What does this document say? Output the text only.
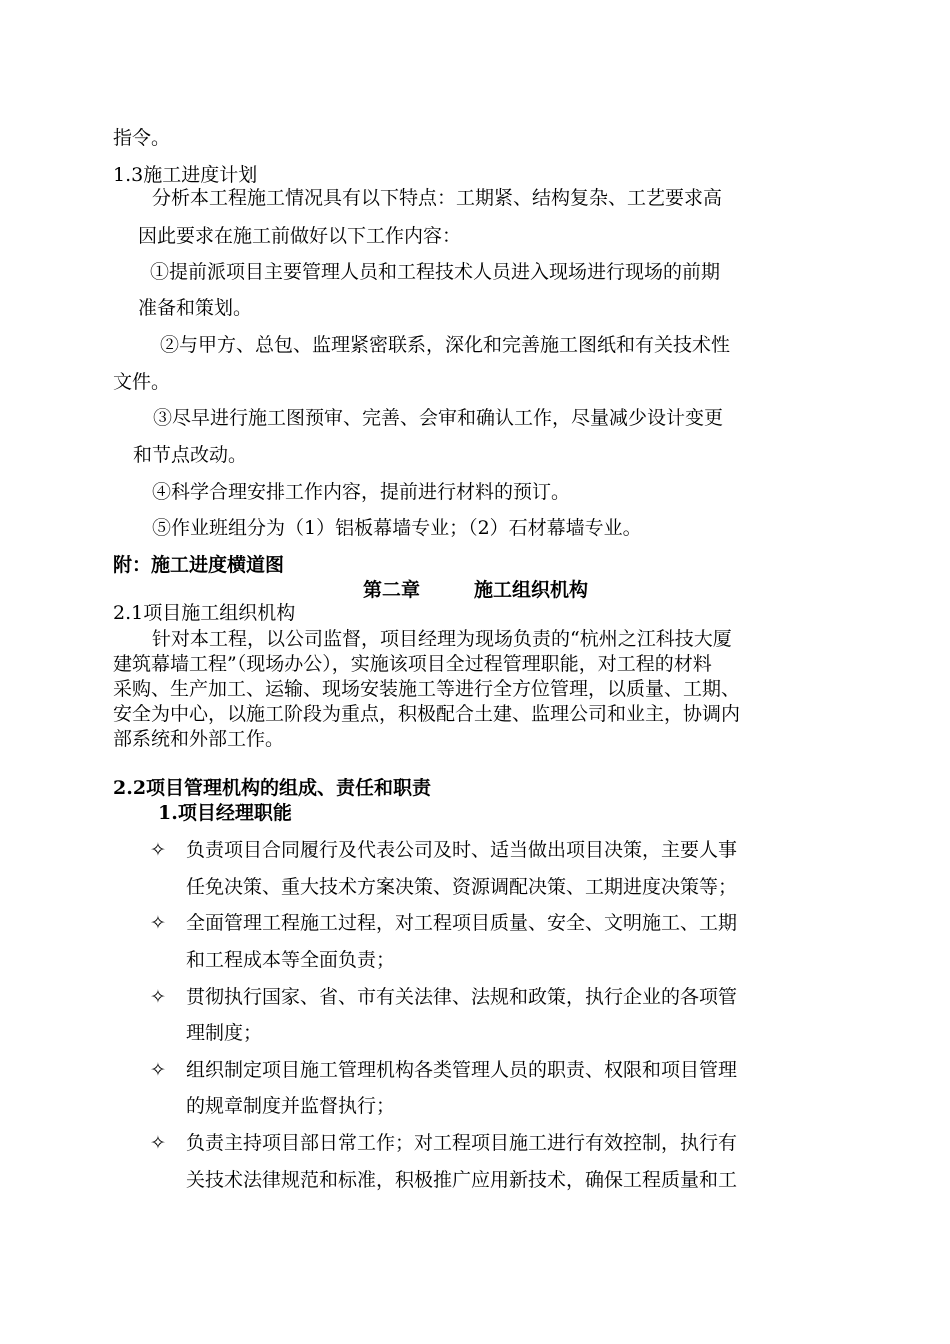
指令。
1.3施工进度计划
分析本工程施工情况具有以下特点：工期紧、结构复杂、工艺要求高
因此要求在施工前做好以下工作内容：
①提前派项目主要管理人员和工程技术人员进入现场进行现场的前期
准备和策划。
②与甲方、总包、监理紧密联系，深化和完善施工图纸和有关技术性
文件。
③尽早进行施工图预审、完善、会审和确认工作，尽量减少设计变更
和节点改动。
④科学合理安排工作内容，提前进行材料的预订。
⑤作业班组分为（1）铝板幕墙专业；（2）石材幕墙专业。
附：施工进度横道图
第二章	施工组织机构
2.1项目施工组织机构
针对本工程，以公司监督，项目经理为现场负责的“杭州之江科技大厦
建筑幕墙工程”（现场办公），实施该项目全过程管理职能，对工程的材料
采购、生产加工、运输、现场安装施工等进行全方位管理，以质量、工期、
安全为中心，以施工阶段为重点，积极配合土建、监理公司和业主，协调内
部系统和外部工作。
2.2项目管理机构的组成、责任和职责
1.项目经理职能
✧ 负责项目合同履行及代表公司及时、适当做出项目决策，主要人事
任免决策、重大技术方案决策、资源调配决策、工期进度决策等；
✧ 全面管理工程施工过程，对工程项目质量、安全、文明施工、工期
和工程成本等全面负责；
✧ 贯彻执行国家、省、市有关法律、法规和政策，执行企业的各项管
理制度；
✧ 组织制定项目施工管理机构各类管理人员的职责、权限和项目管理
的规章制度并监督执行；
✧ 负责主持项目部日常工作；对工程项目施工进行有效控制，执行有
关技术法律规范和标准，积极推广应用新技术，确保工程质量和工
